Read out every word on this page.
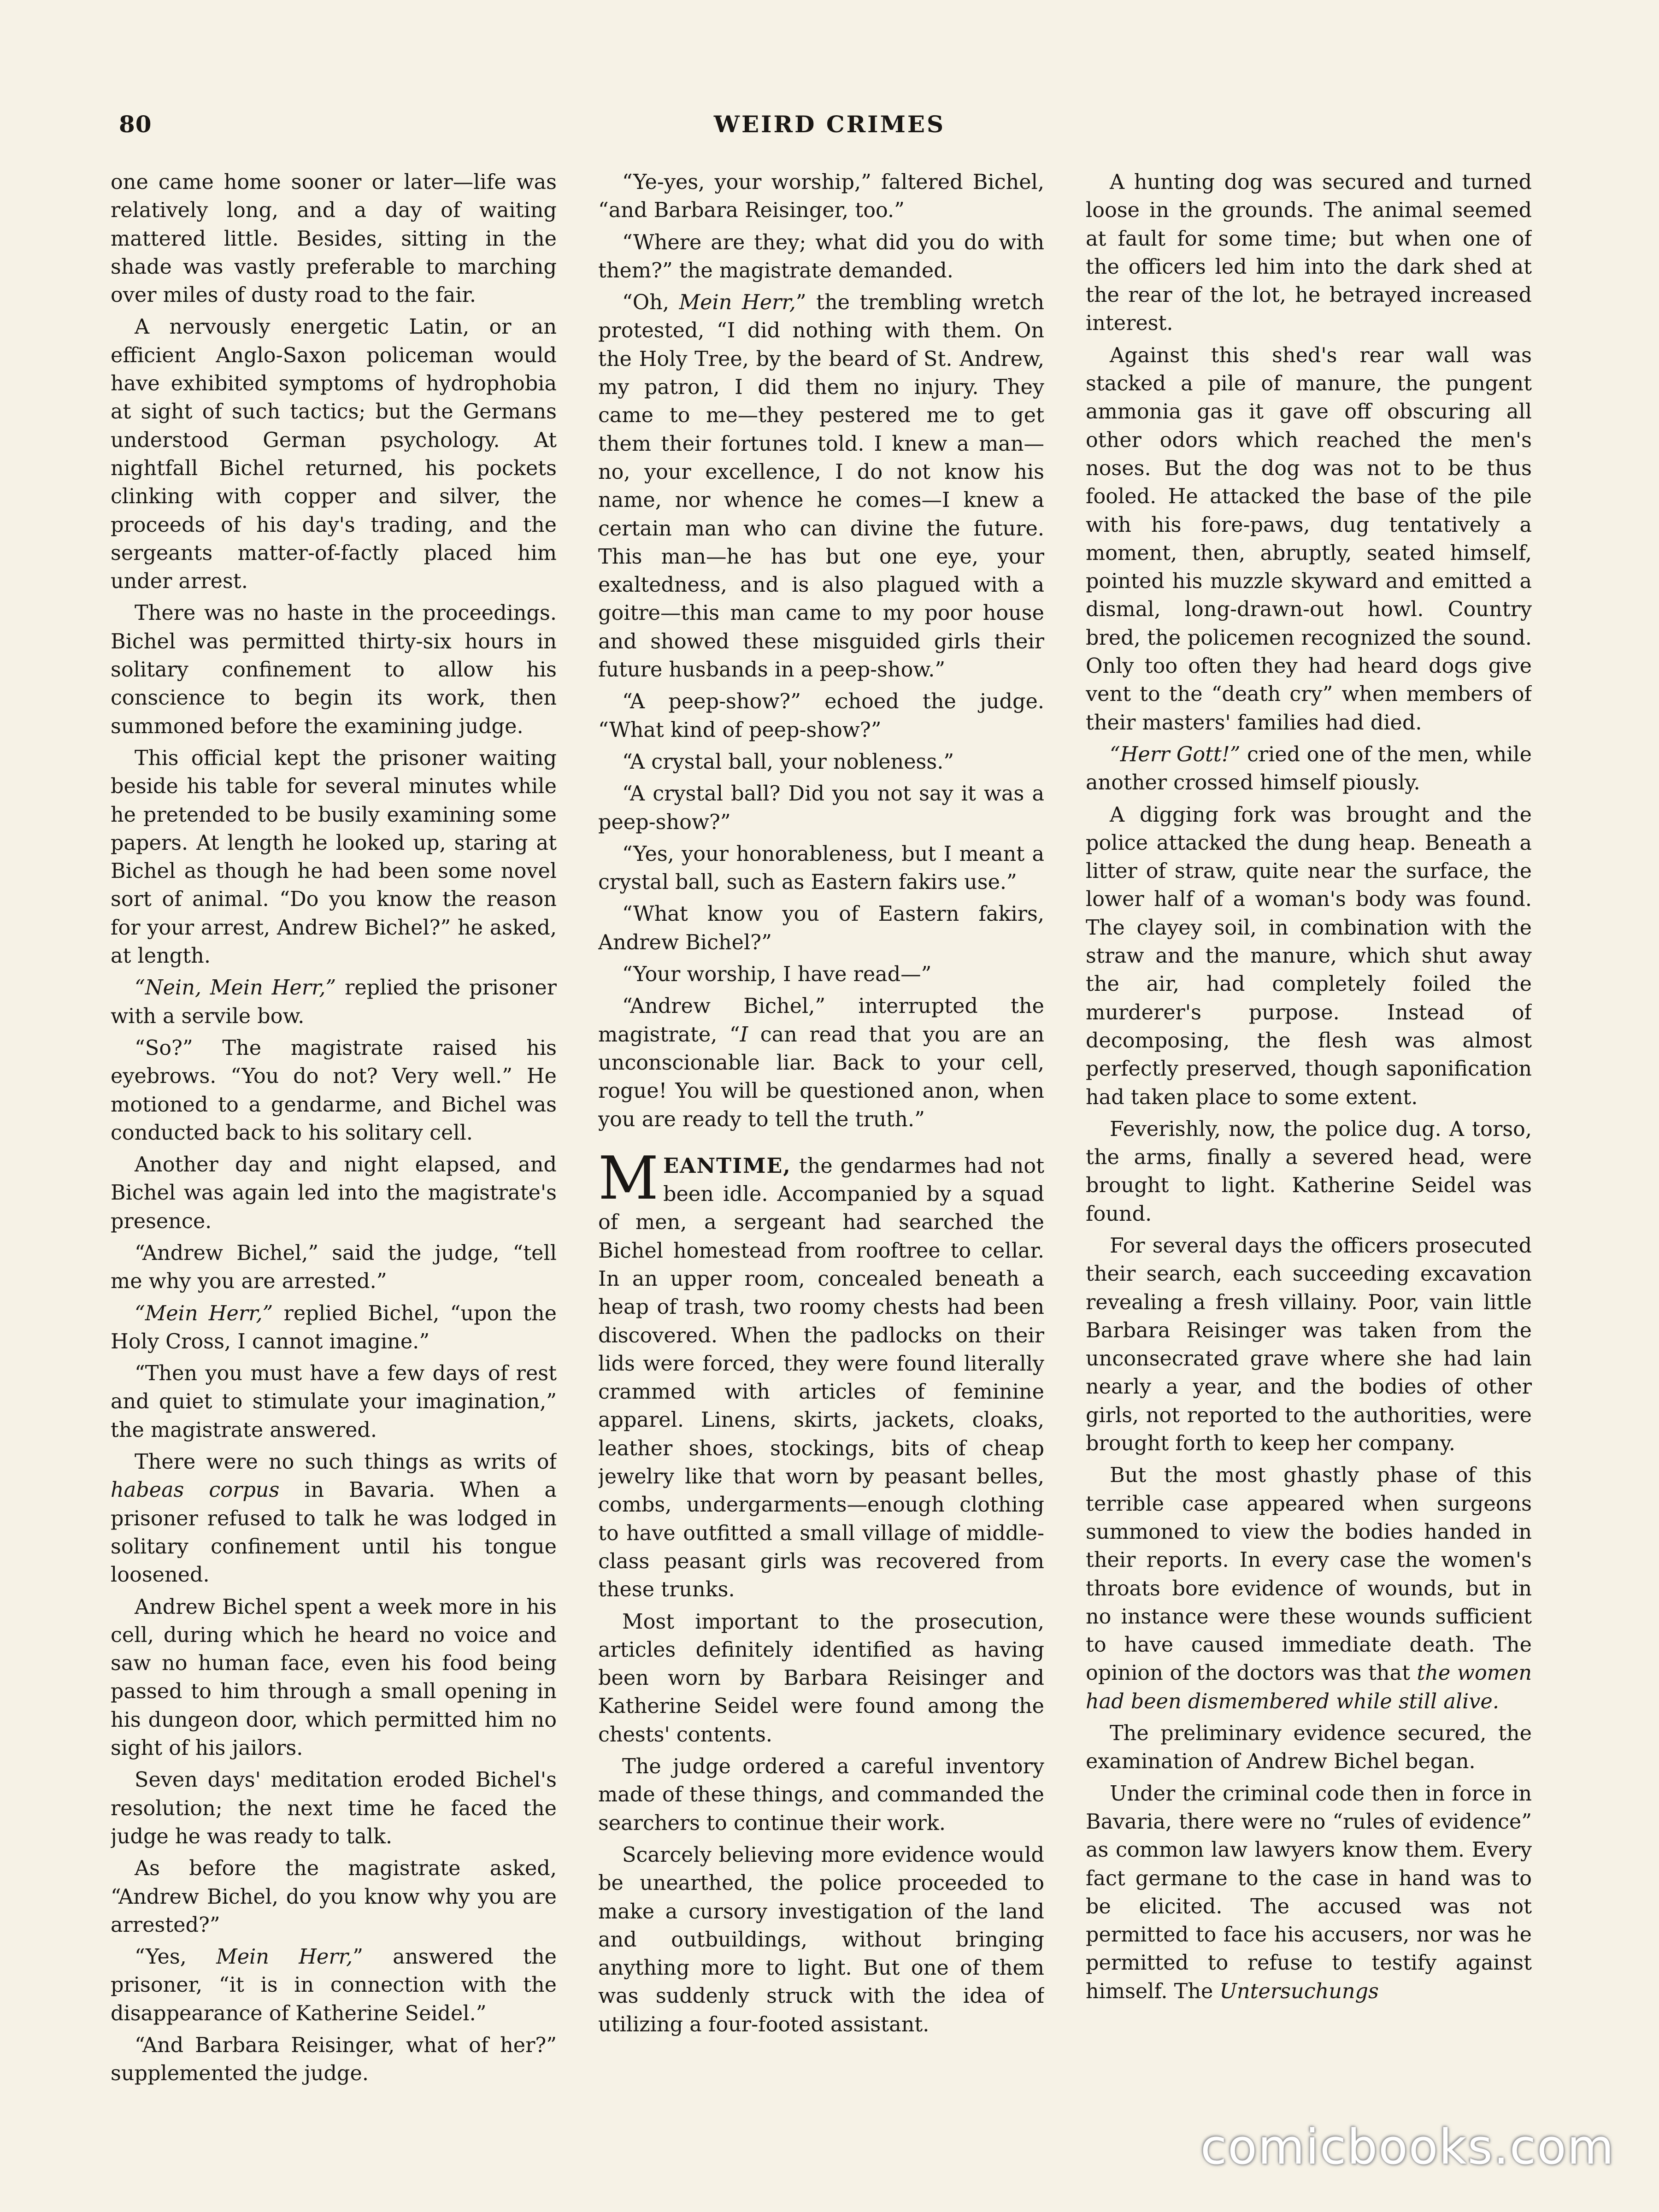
80	WEIRD CRIMES

one came home sooner or later—life was relatively long, and a day of waiting mattered little. Besides, sitting in the shade was vastly preferable to marching over miles of dusty road to the fair.

A nervously energetic Latin, or an efficient Anglo-Saxon policeman would have exhibited symptoms of hydrophobia at sight of such tactics; but the Germans understood German psychology. At nightfall Bichel returned, his pockets clinking with copper and silver, the proceeds of his day's trading, and the sergeants matter-of-factly placed him under arrest.

There was no haste in the proceedings. Bichel was permitted thirty-six hours in solitary confinement to allow his conscience to begin its work, then summoned before the examining judge.

This official kept the prisoner waiting beside his table for several minutes while he pretended to be busily examining some papers. At length he looked up, staring at Bichel as though he had been some novel sort of animal. “Do you know the reason for your arrest, Andrew Bichel?” he asked, at length.

“Nein, Mein Herr,” replied the prisoner with a servile bow.

“So?” The magistrate raised his eyebrows. “You do not? Very well.” He motioned to a gendarme, and Bichel was conducted back to his solitary cell.

Another day and night elapsed, and Bichel was again led into the magistrate's presence.

“Andrew Bichel,” said the judge, “tell me why you are arrested.”

“Mein Herr,” replied Bichel, “upon the Holy Cross, I cannot imagine.”

“Then you must have a few days of rest and quiet to stimulate your imagination,” the magistrate answered.

There were no such things as writs of habeas corpus in Bavaria. When a prisoner refused to talk he was lodged in solitary confinement until his tongue loosened.

Andrew Bichel spent a week more in his cell, during which he heard no voice and saw no human face, even his food being passed to him through a small opening in his dungeon door, which permitted him no sight of his jailors.

Seven days' meditation eroded Bichel's resolution; the next time he faced the judge he was ready to talk.

As before the magistrate asked, “Andrew Bichel, do you know why you are arrested?”

“Yes, Mein Herr,” answered the prisoner, “it is in connection with the disappearance of Katherine Seidel.”

“And Barbara Reisinger, what of her?” supplemented the judge.

“Ye-yes, your worship,” faltered Bichel, “and Barbara Reisinger, too.”

“Where are they; what did you do with them?” the magistrate demanded.

“Oh, Mein Herr,” the trembling wretch protested, “I did nothing with them. On the Holy Tree, by the beard of St. Andrew, my patron, I did them no injury. They came to me—they pestered me to get them their fortunes told. I knew a man—no, your excellence, I do not know his name, nor whence he comes—I knew a certain man who can divine the future. This man—he has but one eye, your exaltedness, and is also plagued with a goitre—this man came to my poor house and showed these misguided girls their future husbands in a peep-show.”

“A peep-show?” echoed the judge. “What kind of peep-show?”

“A crystal ball, your nobleness.”

“A crystal ball? Did you not say it was a peep-show?”

“Yes, your honorableness, but I meant a crystal ball, such as Eastern fakirs use.”

“What know you of Eastern fakirs, Andrew Bichel?”

“Your worship, I have read—”

“Andrew Bichel,” interrupted the magistrate, “I can read that you are an unconscionable liar. Back to your cell, rogue! You will be questioned anon, when you are ready to tell the truth.”

MEANTIME, the gendarmes had not been idle. Accompanied by a squad of men, a sergeant had searched the Bichel homestead from rooftree to cellar. In an upper room, concealed beneath a heap of trash, two roomy chests had been discovered. When the padlocks on their lids were forced, they were found literally crammed with articles of feminine apparel. Linens, skirts, jackets, cloaks, leather shoes, stockings, bits of cheap jewelry like that worn by peasant belles, combs, undergarments—enough clothing to have outfitted a small village of middle-class peasant girls was recovered from these trunks.

Most important to the prosecution, articles definitely identified as having been worn by Barbara Reisinger and Katherine Seidel were found among the chests' contents.

The judge ordered a careful inventory made of these things, and commanded the searchers to continue their work.

Scarcely believing more evidence would be unearthed, the police proceeded to make a cursory investigation of the land and outbuildings, without bringing anything more to light. But one of them was suddenly struck with the idea of utilizing a four-footed assistant.

A hunting dog was secured and turned loose in the grounds. The animal seemed at fault for some time; but when one of the officers led him into the dark shed at the rear of the lot, he betrayed increased interest.

Against this shed's rear wall was stacked a pile of manure, the pungent ammonia gas it gave off obscuring all other odors which reached the men's noses. But the dog was not to be thus fooled. He attacked the base of the pile with his fore-paws, dug tentatively a moment, then, abruptly, seated himself, pointed his muzzle skyward and emitted a dismal, long-drawn-out howl. Country bred, the policemen recognized the sound. Only too often they had heard dogs give vent to the “death cry” when members of their masters' families had died.

“Herr Gott!” cried one of the men, while another crossed himself piously.

A digging fork was brought and the police attacked the dung heap. Beneath a litter of straw, quite near the surface, the lower half of a woman's body was found. The clayey soil, in combination with the straw and the manure, which shut away the air, had completely foiled the murderer's purpose. Instead of decomposing, the flesh was almost perfectly preserved, though saponification had taken place to some extent.

Feverishly, now, the police dug. A torso, the arms, finally a severed head, were brought to light. Katherine Seidel was found.

For several days the officers prosecuted their search, each succeeding excavation revealing a fresh villainy. Poor, vain little Barbara Reisinger was taken from the unconsecrated grave where she had lain nearly a year, and the bodies of other girls, not reported to the authorities, were brought forth to keep her company.

But the most ghastly phase of this terrible case appeared when surgeons summoned to view the bodies handed in their reports. In every case the women's throats bore evidence of wounds, but in no instance were these wounds sufficient to have caused immediate death. The opinion of the doctors was that the women had been dismembered while still alive.

The preliminary evidence secured, the examination of Andrew Bichel began.

Under the criminal code then in force in Bavaria, there were no “rules of evidence” as common law lawyers know them. Every fact germane to the case in hand was to be elicited. The accused was not permitted to face his accusers, nor was he permitted to refuse to testify against himself. The Untersuchungs

comicbooks.com
